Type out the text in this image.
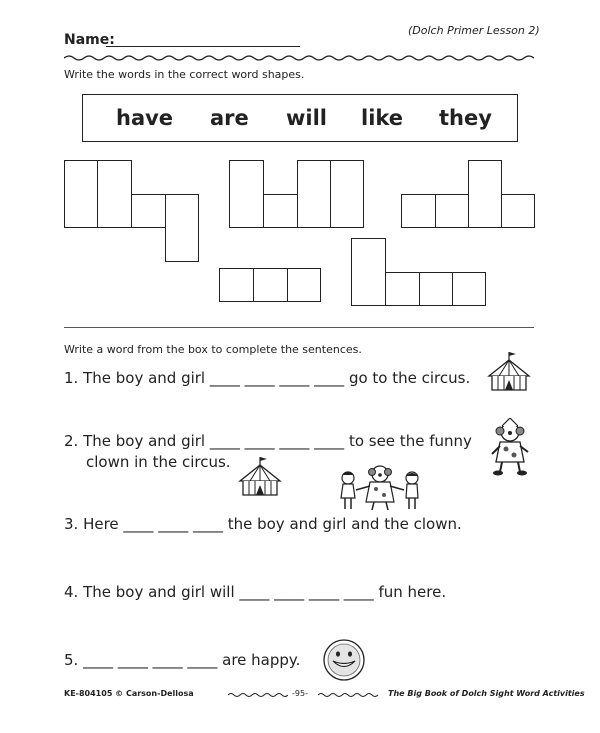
Name:
(Dolch Primer Lesson 2)
Write the words in the correct word shapes.
have are will like they
Write a word from the box to complete the sentences.
1. The boy and girl ____ ____ ____ ____ go to the circus.
2. The boy and girl ____ ____ ____ ____ to see the funny
clown in the circus.
3. Here ____ ____ ____ the boy and girl and the clown.
4. The boy and girl will ____ ____ ____ ____ fun here.
5. ____ ____ ____ ____ are happy.
KE-804105 © Carson-Dellosa	-95-	The Big Book of Dolch Sight Word Activities
